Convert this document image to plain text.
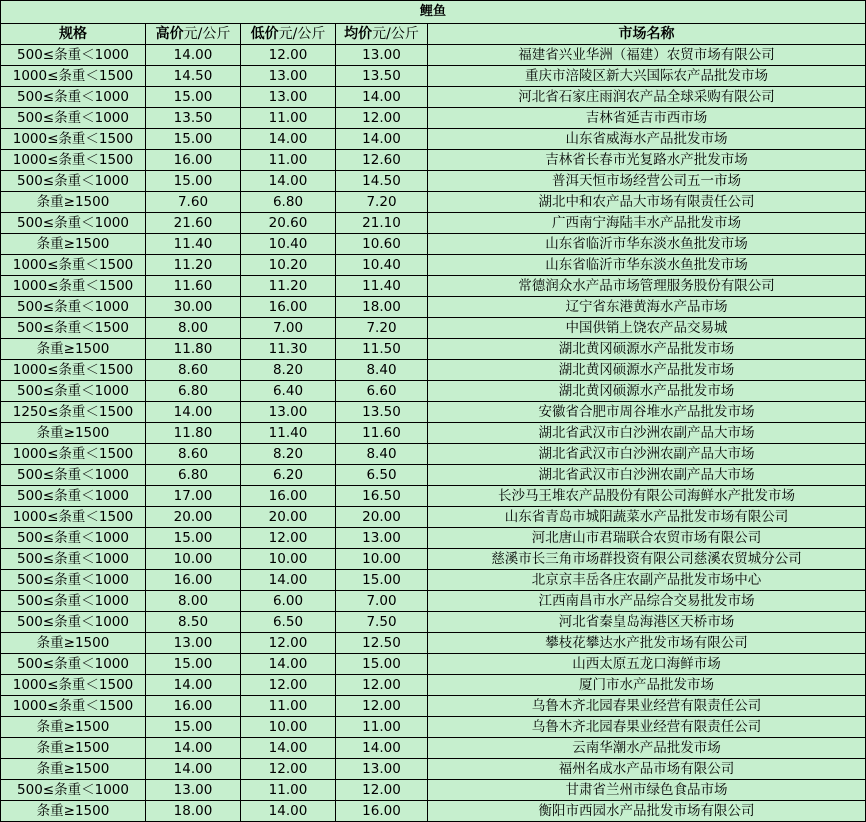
鲤鱼				
规格	高价元/公斤	低价元/公斤	均价元/公斤	市场名称
500≤条重＜1000	14.00	12.00	13.00	福建省兴业华洲（福建）农贸市场有限公司
1000≤条重＜1500	14.50	13.00	13.50	重庆市涪陵区新大兴国际农产品批发市场
500≤条重＜1000	15.00	13.00	14.00	河北省石家庄雨润农产品全球采购有限公司
500≤条重＜1000	13.50	11.00	12.00	吉林省延吉市西市场
1000≤条重＜1500	15.00	14.00	14.00	山东省威海水产品批发市场
1000≤条重＜1500	16.00	11.00	12.60	吉林省长春市光复路水产批发市场
500≤条重＜1000	15.00	14.00	14.50	普洱天恒市场经营公司五一市场
条重≥1500	7.60	6.80	7.20	湖北中和农产品大市场有限责任公司
500≤条重＜1000	21.60	20.60	21.10	广西南宁海陆丰水产品批发市场
条重≥1500	11.40	10.40	10.60	山东省临沂市华东淡水鱼批发市场
1000≤条重＜1500	11.20	10.20	10.40	山东省临沂市华东淡水鱼批发市场
1000≤条重＜1500	11.60	11.20	11.40	常德润众水产品市场管理服务股份有限公司
500≤条重＜1000	30.00	16.00	18.00	辽宁省东港黄海水产品市场
500≤条重＜1500	8.00	7.00	7.20	中国供销上饶农产品交易城
条重≥1500	11.80	11.30	11.50	湖北黄冈硕源水产品批发市场
1000≤条重＜1500	8.60	8.20	8.40	湖北黄冈硕源水产品批发市场
500≤条重＜1000	6.80	6.40	6.60	湖北黄冈硕源水产品批发市场
1250≤条重＜1500	14.00	13.00	13.50	安徽省合肥市周谷堆水产品批发市场
条重≥1500	11.80	11.40	11.60	湖北省武汉市白沙洲农副产品大市场
1000≤条重＜1500	8.60	8.20	8.40	湖北省武汉市白沙洲农副产品大市场
500≤条重＜1000	6.80	6.20	6.50	湖北省武汉市白沙洲农副产品大市场
500≤条重＜1000	17.00	16.00	16.50	长沙马王堆农产品股份有限公司海鲜水产批发市场
1000≤条重＜1500	20.00	20.00	20.00	山东省青岛市城阳蔬菜水产品批发市场有限公司
500≤条重＜1000	15.00	12.00	13.00	河北唐山市君瑞联合农贸市场有限公司
500≤条重＜1000	10.00	10.00	10.00	慈溪市长三角市场群投资有限公司慈溪农贸城分公司
500≤条重＜1000	16.00	14.00	15.00	北京京丰岳各庄农副产品批发市场中心
500≤条重＜1000	8.00	6.00	7.00	江西南昌市水产品综合交易批发市场
500≤条重＜1000	8.50	6.50	7.50	河北省秦皇岛海港区天桥市场
条重≥1500	13.00	12.00	12.50	攀枝花攀达水产批发市场有限公司
500≤条重＜1000	15.00	14.00	15.00	山西太原五龙口海鲜市场
1000≤条重＜1500	14.00	12.00	12.00	厦门市水产品批发市场
1000≤条重＜1500	16.00	11.00	12.00	乌鲁木齐北园春果业经营有限责任公司
条重≥1500	15.00	10.00	11.00	乌鲁木齐北园春果业经营有限责任公司
条重≥1500	14.00	14.00	14.00	云南华潮水产品批发市场
条重≥1500	14.00	12.00	13.00	福州名成水产品市场有限公司
500≤条重＜1000	13.00	11.00	12.00	甘肃省兰州市绿色食品市场
条重≥1500	18.00	14.00	16.00	衡阳市西园水产品批发市场有限公司
